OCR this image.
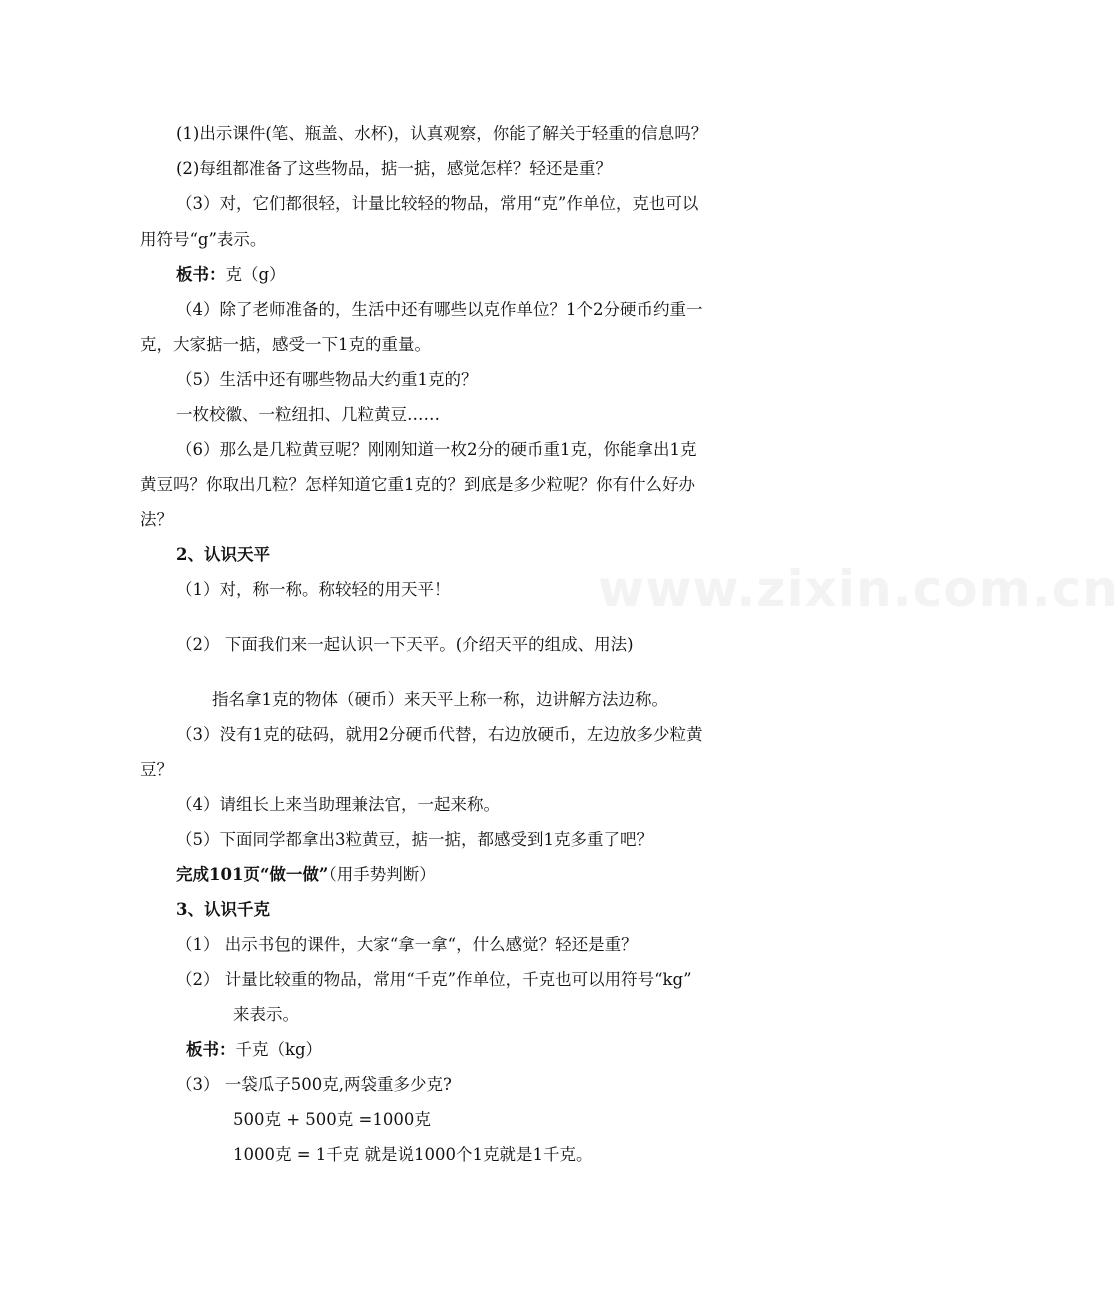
www.zixin.com.cn
(1)出示课件(笔、瓶盖、水杯)，认真观察，你能了解关于轻重的信息吗？
(2)每组都准备了这些物品，掂一掂，感觉怎样？轻还是重？
（3）对，它们都很轻，计量比较轻的物品，常用“克”作单位，克也可以
用符号“g”表示。
板书：克（g）
（4）除了老师准备的，生活中还有哪些以克作单位？1个2分硬币约重一
克，大家掂一掂，感受一下1克的重量。
（5）生活中还有哪些物品大约重1克的？
一枚校徽、一粒纽扣、几粒黄豆……
（6）那么是几粒黄豆呢？刚刚知道一枚2分的硬币重1克，你能拿出1克
黄豆吗？你取出几粒？怎样知道它重1克的？到底是多少粒呢？你有什么好办
法？
2、认识天平
（1）对，称一称。称较轻的用天平！
（2） 下面我们来一起认识一下天平。(介绍天平的组成、用法)
指名拿1克的物体（硬币）来天平上称一称，边讲解方法边称。
（3）没有1克的砝码，就用2分硬币代替，右边放硬币，左边放多少粒黄
豆？
（4）请组长上来当助理兼法官，一起来称。
（5）下面同学都拿出3粒黄豆，掂一掂，都感受到1克多重了吧？
完成101页“做一做”（用手势判断）
3、认识千克
（1） 出示书包的课件，大家“拿一拿“，什么感觉？轻还是重？
（2） 计量比较重的物品，常用“千克”作单位，千克也可以用符号“kg”
来表示。
板书：千克（kg）
（3） 一袋瓜子500克,两袋重多少克?
500克 + 500克 =1000克
1000克 = 1千克 就是说1000个1克就是1千克。
